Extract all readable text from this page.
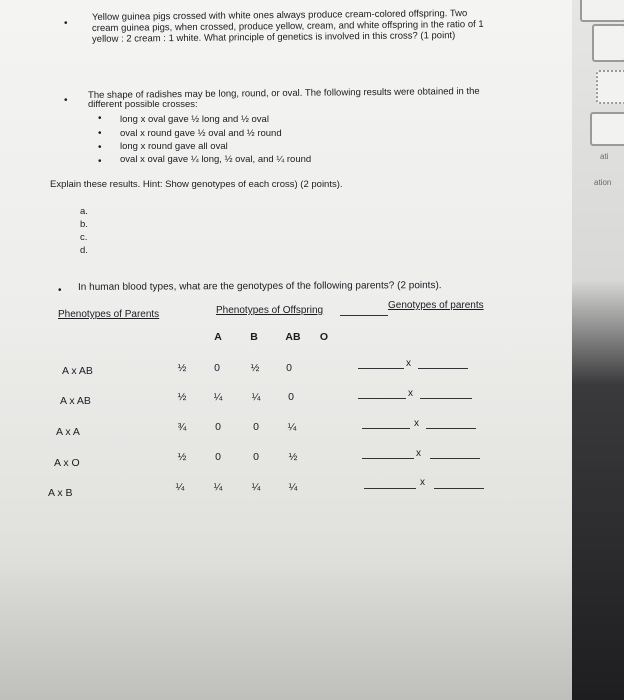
•
Yellow guinea pigs crossed with white ones always produce cream-colored offspring. Two
cream guinea pigs, when crossed, produce yellow, cream, and white offspring in the ratio of 1
yellow : 2 cream : 1 white. What principle of genetics is involved in this cross? (1 point)
• The shape of radishes may be long, round, or oval. The following results were obtained in the
different possible crosses:
• long x oval gave ½ long and ½ oval
• oval x round gave ½ oval and ½ round
• long x round gave all oval
• oval x oval gave ¼ long, ½ oval, and ¼ round
Explain these results. Hint: Show genotypes of each cross) (2 points).
a.
b.
c.
d.
• In human blood types, what are the genotypes of the following parents? (2 points).
Phenotypes of Parents	Phenotypes of Offspring	Genotypes of parents
A	B	AB	O
A x AB	½	0	½	0	x
A x AB	½	¼	¼	0	x
A x A	¾	0	0	¼	x
A x O	½	0	0	½	x
A x B	¼	¼	¼	¼	x
ati
ation
